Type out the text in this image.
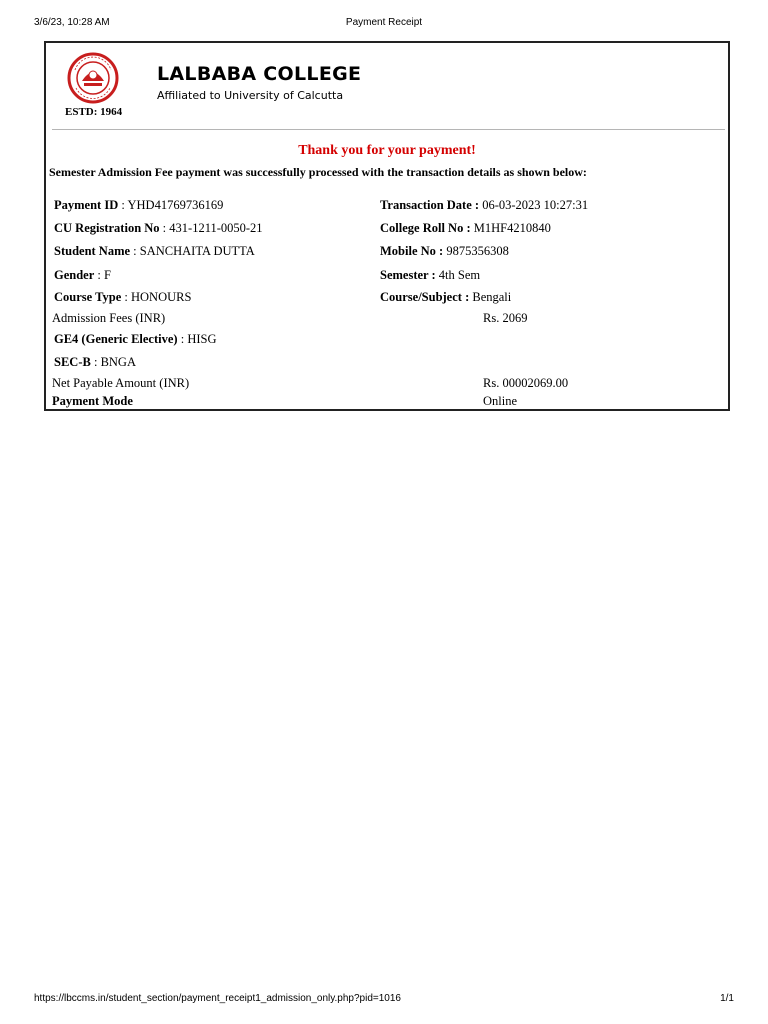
3/6/23, 10:28 AM	Payment Receipt
ESTD: 1964
LALBABA COLLEGE
Affiliated to University of Calcutta
Thank you for your payment!
Semester Admission Fee payment was successfully processed with the transaction details as shown below:
Payment ID : YHD41769736169	Transaction Date : 06-03-2023 10:27:31
CU Registration No : 431-1211-0050-21	College Roll No : M1HF4210840
Student Name : SANCHAITA DUTTA	Mobile No : 9875356308
Gender : F	Semester : 4th Sem
Course Type : HONOURS	Course/Subject : Bengali
Admission Fees (INR)	Rs. 2069
GE4 (Generic Elective) : HISG
SEC-B : BNGA
Net Payable Amount (INR)	Rs. 00002069.00
Payment Mode	Online
https://lbccms.in/student_section/payment_receipt1_admission_only.php?pid=1016	1/1
